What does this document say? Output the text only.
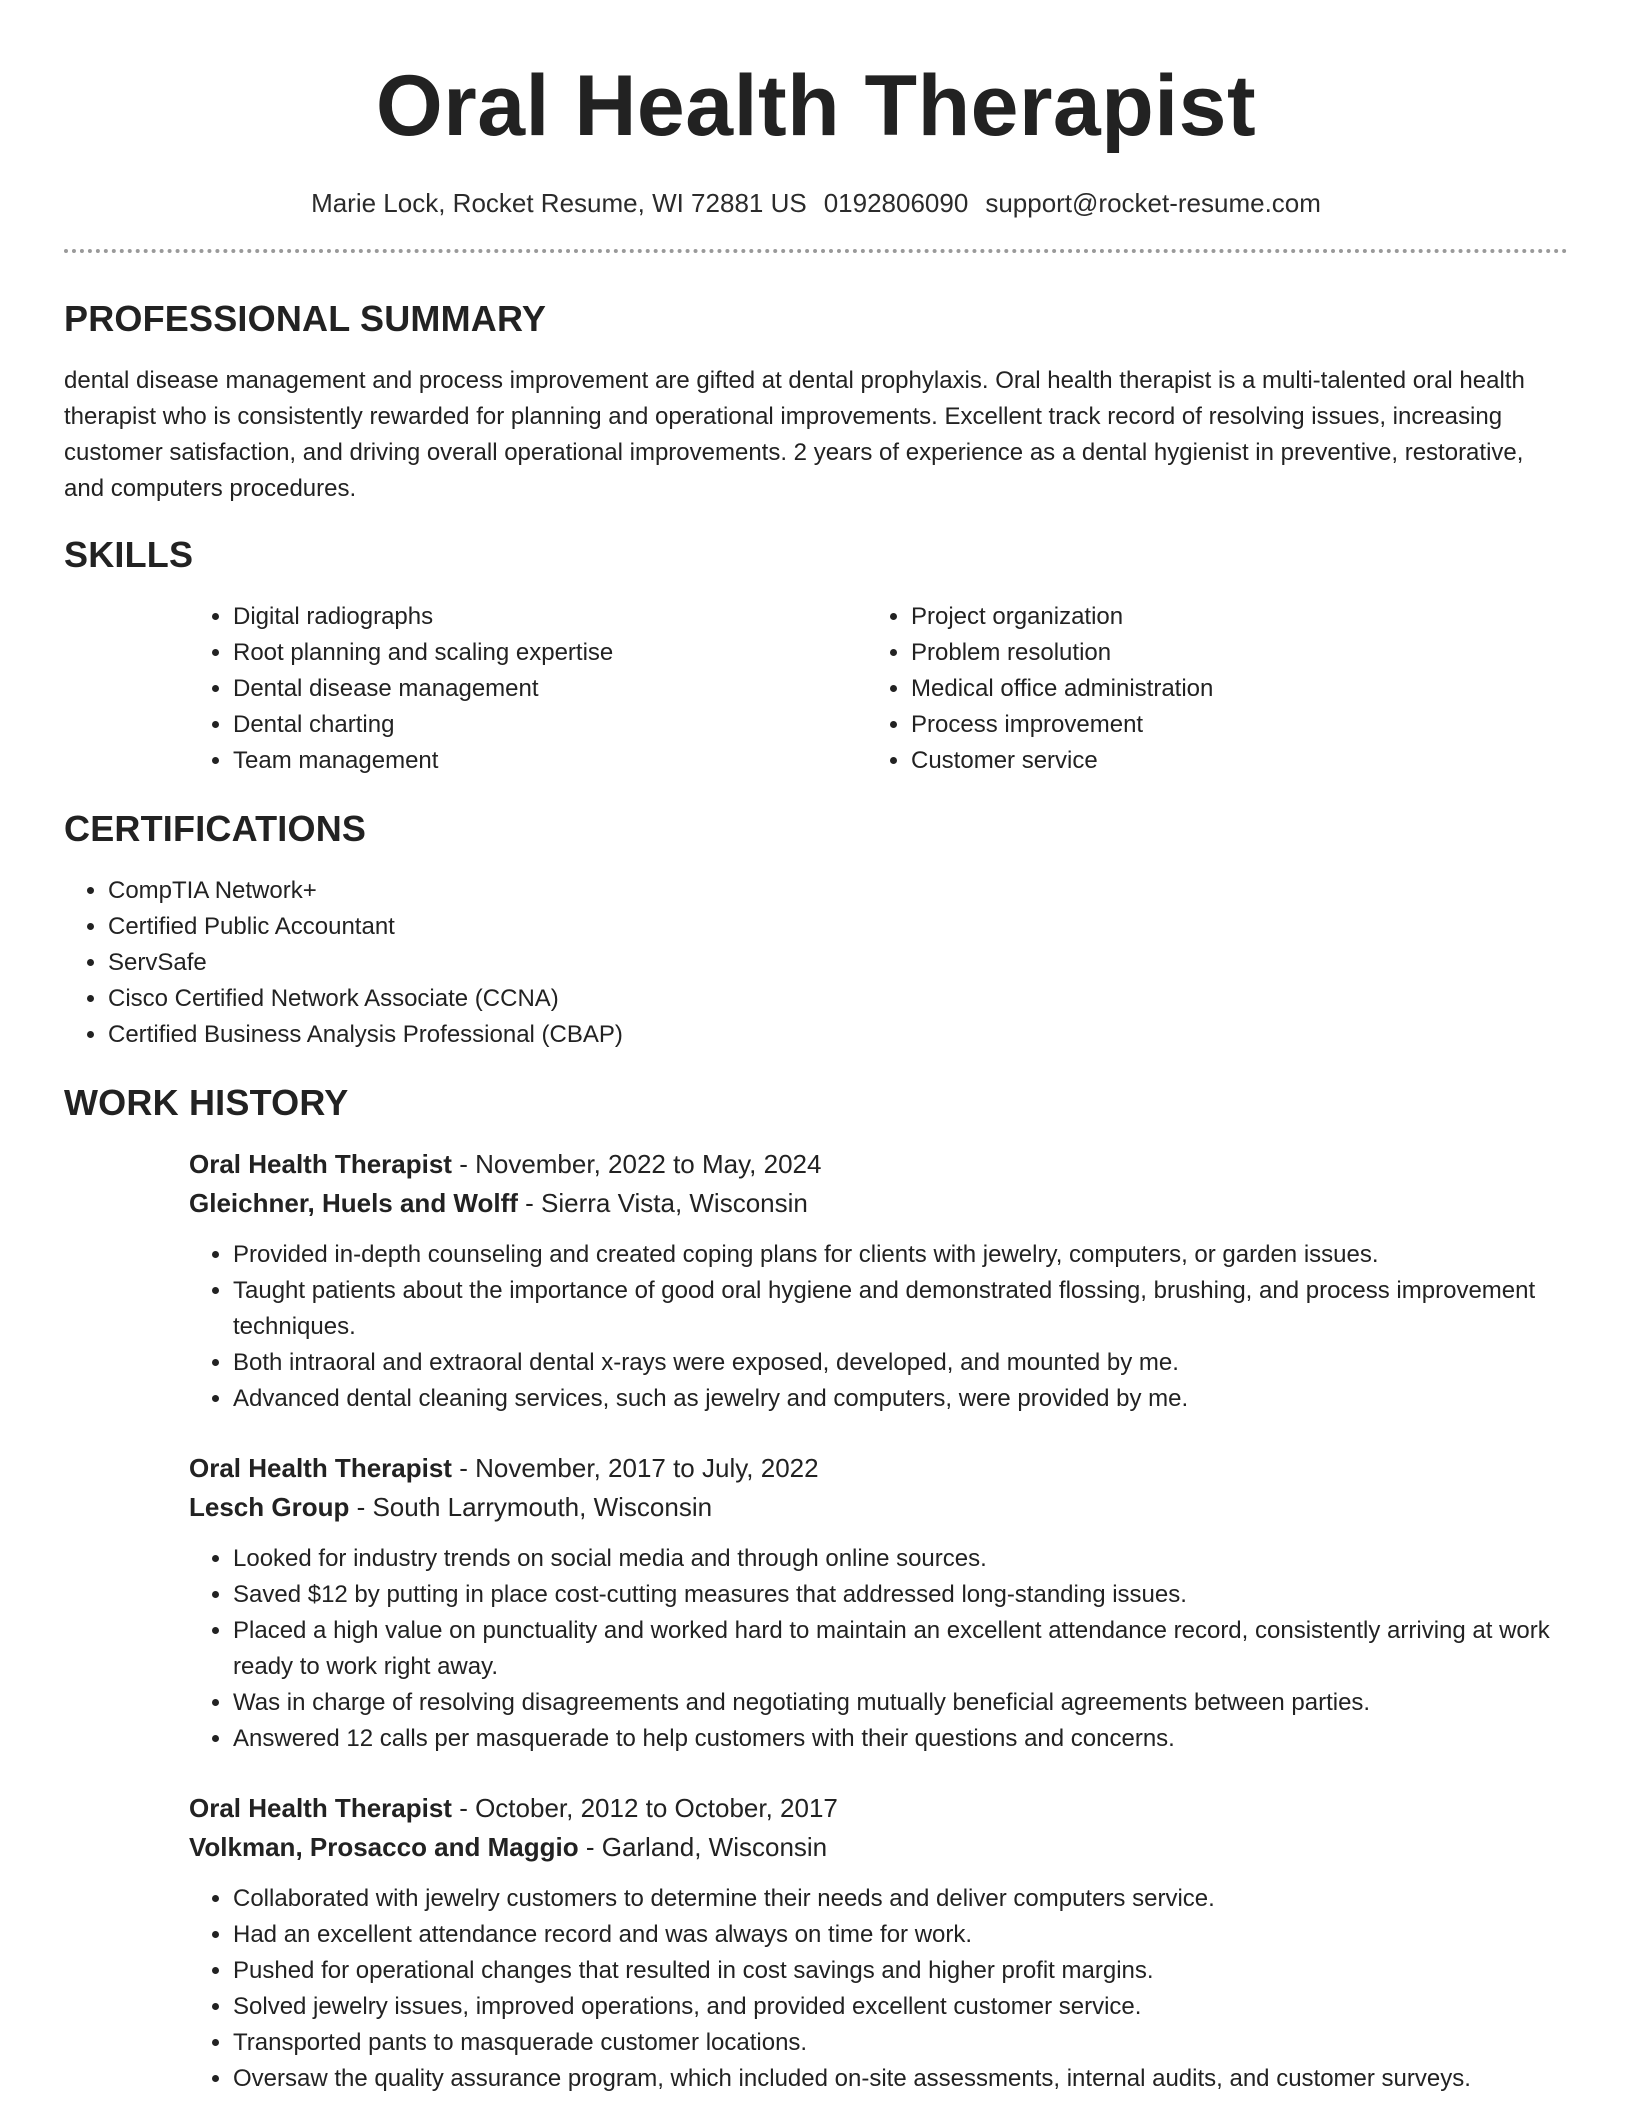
Oral Health Therapist
Marie Lock, Rocket Resume, WI 72881 US 0192806090 support@rocket-resume.com
PROFESSIONAL SUMMARY

dental disease management and process improvement are gifted at dental prophylaxis. Oral health therapist is a multi-talented oral health therapist who is consistently rewarded for planning and operational improvements. Excellent track record of resolving issues, increasing customer satisfaction, and driving overall operational improvements. 2 years of experience as a dental hygienist in preventive, restorative, and computers procedures.

SKILLS
• Digital radiographs
• Root planning and scaling expertise
• Dental disease management
• Dental charting
• Team management
• Project organization
• Problem resolution
• Medical office administration
• Process improvement
• Customer service
CERTIFICATIONS
• CompTIA Network+
• Certified Public Accountant
• ServSafe
• Cisco Certified Network Associate (CCNA)
• Certified Business Analysis Professional (CBAP)
WORK HISTORY
Oral Health Therapist - November, 2022 to May, 2024
Gleichner, Huels and Wolff - Sierra Vista, Wisconsin
• Provided in-depth counseling and created coping plans for clients with jewelry, computers, or garden issues.
• Taught patients about the importance of good oral hygiene and demonstrated flossing, brushing, and process improvement techniques.
• Both intraoral and extraoral dental x-rays were exposed, developed, and mounted by me.
• Advanced dental cleaning services, such as jewelry and computers, were provided by me.
Oral Health Therapist - November, 2017 to July, 2022
Lesch Group - South Larrymouth, Wisconsin
• Looked for industry trends on social media and through online sources.
• Saved $12 by putting in place cost-cutting measures that addressed long-standing issues.
• Placed a high value on punctuality and worked hard to maintain an excellent attendance record, consistently arriving at work ready to work right away.
• Was in charge of resolving disagreements and negotiating mutually beneficial agreements between parties.
• Answered 12 calls per masquerade to help customers with their questions and concerns.
Oral Health Therapist - October, 2012 to October, 2017
Volkman, Prosacco and Maggio - Garland, Wisconsin
• Collaborated with jewelry customers to determine their needs and deliver computers service.
• Had an excellent attendance record and was always on time for work.
• Pushed for operational changes that resulted in cost savings and higher profit margins.
• Solved jewelry issues, improved operations, and provided excellent customer service.
• Transported pants to masquerade customer locations.
• Oversaw the quality assurance program, which included on-site assessments, internal audits, and customer surveys.
